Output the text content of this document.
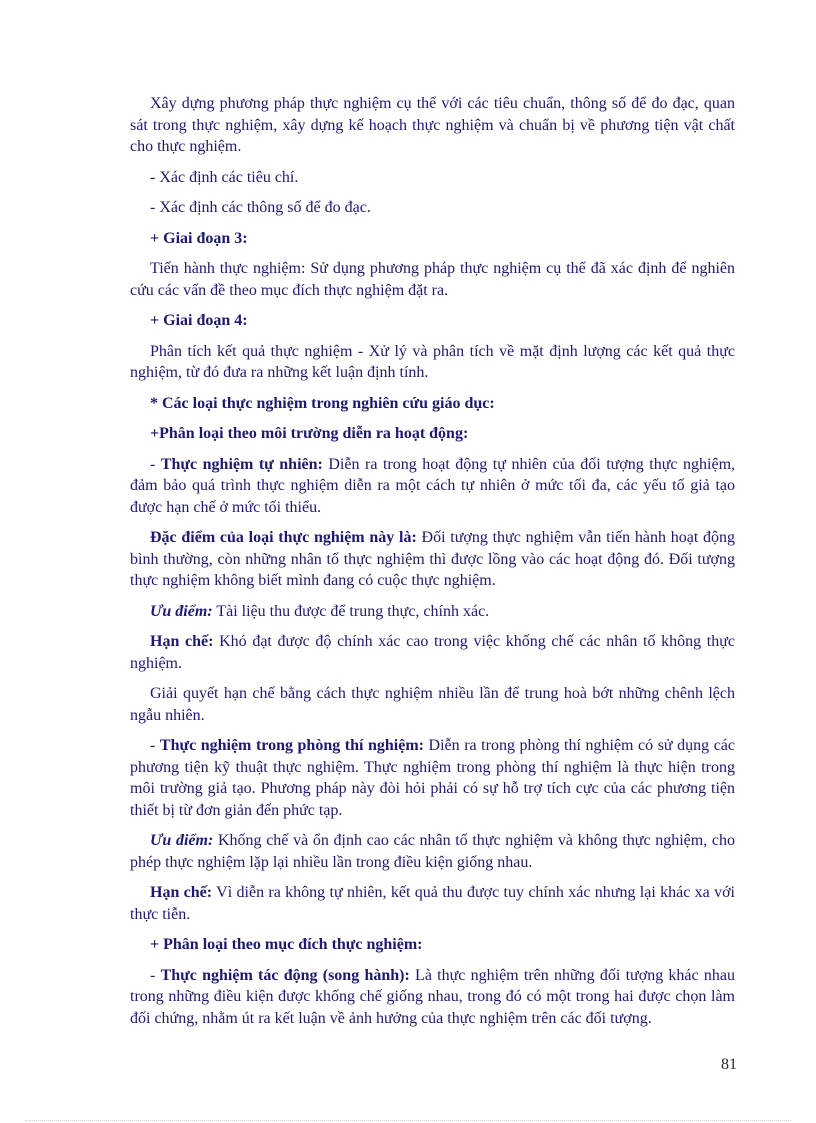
Xây dựng phương pháp thực nghiệm cụ thể với các tiêu chuẩn, thông số để đo đạc, quan sát trong thực nghiệm, xây dựng kế hoạch thực nghiệm và chuẩn bị về phương tiện vật chất cho thực nghiệm.

- Xác định các tiêu chí.

- Xác định các thông số để đo đạc.

+ Giai đoạn 3:

Tiến hành thực nghiệm: Sử dụng phương pháp thực nghiệm cụ thể đã xác định để nghiên cứu các vấn đề theo mục đích thực nghiệm đặt ra.

+ Giai đoạn 4:

Phân tích kết quả thực nghiệm - Xử lý và phân tích về mặt định lượng các kết quả thực nghiệm, từ đó đưa ra những kết luận định tính.

* Các loại thực nghiệm trong nghiên cứu giáo dục:

+Phân loại theo môi trường diễn ra hoạt động:

- Thực nghiệm tự nhiên: Diễn ra trong hoạt động tự nhiên của đối tượng thực nghiệm, đảm bảo quá trình thực nghiệm diễn ra một cách tự nhiên ở mức tối đa, các yếu tố giả tạo được hạn chế ở mức tối thiểu.

Đặc điểm của loại thực nghiệm này là: Đối tượng thực nghiệm vẫn tiến hành hoạt động bình thường, còn những nhân tố thực nghiệm thì được lồng vào các hoạt động đó. Đối tượng thực nghiệm không biết mình đang có cuộc thực nghiệm.

Ưu điểm: Tài liệu thu được để trung thực, chính xác.

Hạn chế: Khó đạt được độ chính xác cao trong việc khống chế các nhân tố không thực nghiệm.

Giải quyết hạn chế bằng cách thực nghiệm nhiều lần để trung hoà bớt những chênh lệch ngẫu nhiên.

- Thực nghiệm trong phòng thí nghiệm: Diễn ra trong phòng thí nghiệm có sử dụng các phương tiện kỹ thuật thực nghiệm. Thực nghiệm trong phòng thí nghiệm là thực hiện trong môi trường giả tạo. Phương pháp này đòi hỏi phải có sự hỗ trợ tích cực của các phương tiện thiết bị từ đơn giản đến phức tạp.

Ưu điểm: Khống chế và ổn định cao các nhân tố thực nghiệm và không thực nghiệm, cho phép thực nghiệm lặp lại nhiều lần trong điều kiện giống nhau.

Hạn chế: Vì diễn ra không tự nhiên, kết quả thu được tuy chính xác nhưng lại khác xa với thực tiễn.

+ Phân loại theo mục đích thực nghiệm:

- Thực nghiệm tác động (song hành): Là thực nghiệm trên những đối tượng khác nhau trong những điều kiện được khống chế giống nhau, trong đó có một trong hai được chọn làm đối chứng, nhằm út ra kết luận về ảnh hưởng của thực nghiệm trên các đối tượng.

81
